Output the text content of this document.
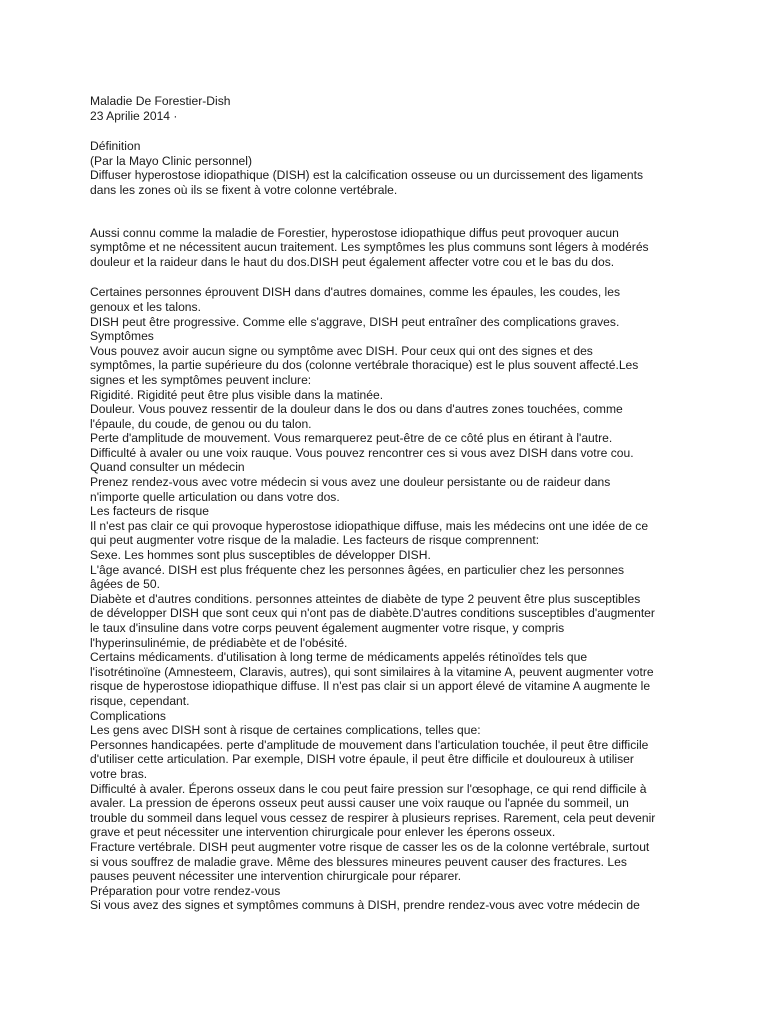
Maladie De Forestier-Dish

23 Aprilie 2014 ·

Définition

(Par la Mayo Clinic personnel)

Diffuser hyperostose idiopathique (DISH) est la calcification osseuse ou un durcissement des ligaments

dans les zones où ils se fixent à votre colonne vertébrale.

Aussi connu comme la maladie de Forestier, hyperostose idiopathique diffus peut provoquer aucun

symptôme et ne nécessitent aucun traitement. Les symptômes les plus communs sont légers à modérés

douleur et la raideur dans le haut du dos.DISH peut également affecter votre cou et le bas du dos.

Certaines personnes éprouvent DISH dans d'autres domaines, comme les épaules, les coudes, les

genoux et les talons.

DISH peut être progressive. Comme elle s'aggrave, DISH peut entraîner des complications graves.

Symptômes

Vous pouvez avoir aucun signe ou symptôme avec DISH. Pour ceux qui ont des signes et des

symptômes, la partie supérieure du dos (colonne vertébrale thoracique) est le plus souvent affecté.Les

signes et les symptômes peuvent inclure:

Rigidité. Rigidité peut être plus visible dans la matinée.

Douleur. Vous pouvez ressentir de la douleur dans le dos ou dans d'autres zones touchées, comme

l'épaule, du coude, de genou ou du talon.

Perte d'amplitude de mouvement. Vous remarquerez peut-être de ce côté plus en étirant à l'autre.

Difficulté à avaler ou une voix rauque. Vous pouvez rencontrer ces si vous avez DISH dans votre cou.

Quand consulter un médecin

Prenez rendez-vous avec votre médecin si vous avez une douleur persistante ou de raideur dans

n'importe quelle articulation ou dans votre dos.

Les facteurs de risque

Il n'est pas clair ce qui provoque hyperostose idiopathique diffuse, mais les médecins ont une idée de ce

qui peut augmenter votre risque de la maladie. Les facteurs de risque comprennent:

Sexe. Les hommes sont plus susceptibles de développer DISH.

L'âge avancé. DISH est plus fréquente chez les personnes âgées, en particulier chez les personnes

âgées de 50.

Diabète et d'autres conditions. personnes atteintes de diabète de type 2 peuvent être plus susceptibles

de développer DISH que sont ceux qui n'ont pas de diabète.D'autres conditions susceptibles d'augmenter

le taux d'insuline dans votre corps peuvent également augmenter votre risque, y compris

l'hyperinsulinémie, de prédiabète et de l'obésité.

Certains médicaments. d'utilisation à long terme de médicaments appelés rétinoïdes tels que

l'isotrétinoïne (Amnesteem, Claravis, autres), qui sont similaires à la vitamine A, peuvent augmenter votre

risque de hyperostose idiopathique diffuse. Il n'est pas clair si un apport élevé de vitamine A augmente le

risque, cependant.

Complications

Les gens avec DISH sont à risque de certaines complications, telles que:

Personnes handicapées. perte d'amplitude de mouvement dans l'articulation touchée, il peut être difficile

d'utiliser cette articulation. Par exemple, DISH votre épaule, il peut être difficile et douloureux à utiliser

votre bras.

Difficulté à avaler. Éperons osseux dans le cou peut faire pression sur l'œsophage, ce qui rend difficile à

avaler. La pression de éperons osseux peut aussi causer une voix rauque ou l'apnée du sommeil, un

trouble du sommeil dans lequel vous cessez de respirer à plusieurs reprises. Rarement, cela peut devenir

grave et peut nécessiter une intervention chirurgicale pour enlever les éperons osseux.

Fracture vertébrale. DISH peut augmenter votre risque de casser les os de la colonne vertébrale, surtout

si vous souffrez de maladie grave. Même des blessures mineures peuvent causer des fractures. Les

pauses peuvent nécessiter une intervention chirurgicale pour réparer.

Préparation pour votre rendez-vous

Si vous avez des signes et symptômes communs à DISH, prendre rendez-vous avec votre médecin de
